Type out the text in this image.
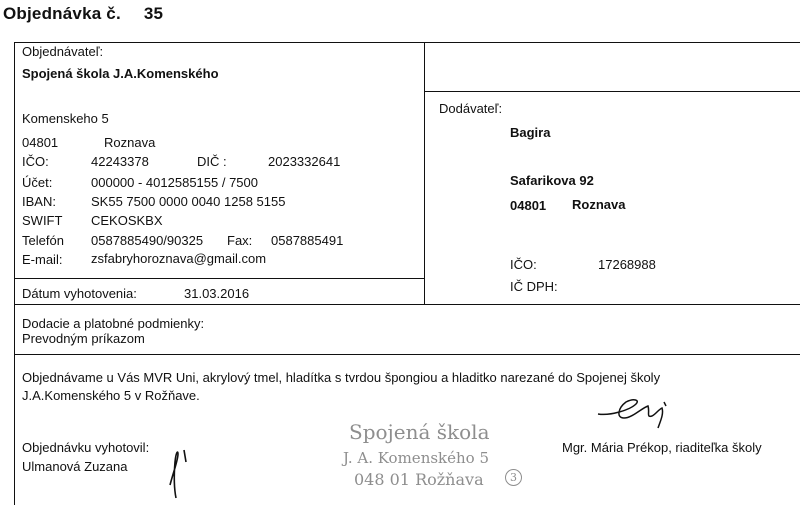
Objednávka č. 35
Objednávateľ:
Spojená škola J.A.Komenského
Komenskeho 5
04801	Roznava
IČO:	42243378	DIČ :	2023332641
Účet:	000000 - 4012585155 / 7500
IBAN:	SK55 7500 0000 0040 1258 5155
SWIFT CEKOSKBX
Telefón 0587885490/90325 Fax: 0587885491
E-mail: zsfabryhoroznava@gmail.com
Dátum vyhotovenia:	31.03.2016
Dodávateľ:
Bagira
Safarikova 92
04801 Roznava
IČO:	17268988
IČ DPH:
Dodacie a platobné podmienky:
Prevodným príkazom
Objednávame u Vás MVR Uni, akrylový tmel, hladítka s tvrdou špongiou a hladitko narezané do Spojenej školy
J.A.Komenského 5 v Rožňave.
Objednávku vyhotovil:
Ulmanová Zuzana
Mgr. Mária Prékop, riaditeľka školy
Spojená škola
J. A. Komenského 5
048 01 Rožňava	3
